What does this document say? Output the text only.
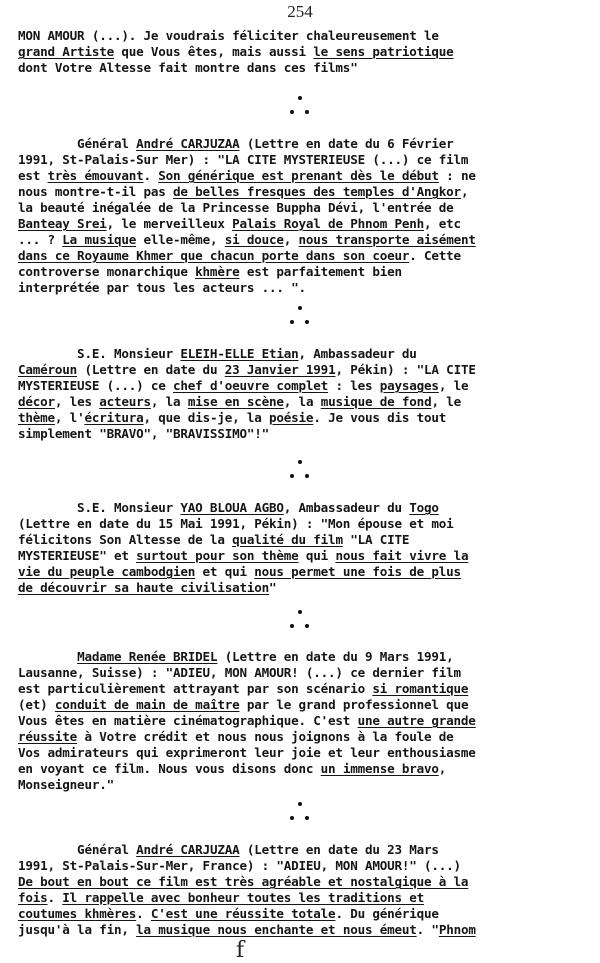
254
MON AMOUR (...). Je voudrais féliciter chaleureusement le
grand Artiste que Vous êtes, mais aussi le sens patriotique
dont Votre Altesse fait montre dans ces films"
Général André CARJUZAA (Lettre en date du 6 Février
1991, St-Palais-Sur Mer) : "LA CITE MYSTERIEUSE (...) ce film
est très émouvant. Son générique est prenant dès le début : ne
nous montre-t-il pas de belles fresques des temples d'Angkor,
la beauté inégalée de la Princesse Buppha Dévi, l'entrée de
Banteay Srei, le merveilleux Palais Royal de Phnom Penh, etc
... ? La musique elle-même, si douce, nous transporte aisément
dans ce Royaume Khmer que chacun porte dans son coeur. Cette
controverse monarchique khmère est parfaitement bien
interprétée par tous les acteurs ... ".
S.E. Monsieur ELEIH-ELLE Etian, Ambassadeur du
Caméroun (Lettre en date du 23 Janvier 1991, Pékin) : "LA CITE
MYSTERIEUSE (...) ce chef d'oeuvre complet : les paysages, le
décor, les acteurs, la mise en scène, la musique de fond, le
thème, l'écritura, que dis-je, la poésie. Je vous dis tout
simplement "BRAVO", "BRAVISSIMO"!"
S.E. Monsieur YAO BLOUA AGBO, Ambassadeur du Togo
(Lettre en date du 15 Mai 1991, Pékin) : "Mon épouse et moi
félicitons Son Altesse de la qualité du film "LA CITE
MYSTERIEUSE" et surtout pour son thème qui nous fait vivre la
vie du peuple cambodgien et qui nous permet une fois de plus
de découvrir sa haute civilisation"
Madame Renée BRIDEL (Lettre en date du 9 Mars 1991,
Lausanne, Suisse) : "ADIEU, MON AMOUR! (...) ce dernier film
est particulièrement attrayant par son scénario si romantique
(et) conduit de main de maître par le grand professionnel que
Vous êtes en matière cinématographique. C'est une autre grande
réussite à Votre crédit et nous nous joignons à la foule de
Vos admirateurs qui exprimeront leur joie et leur enthousiasme
en voyant ce film. Nous vous disons donc un immense bravo,
Monseigneur."
Général André CARJUZAA (Lettre en date du 23 Mars
1991, St-Palais-Sur-Mer, France) : "ADIEU, MON AMOUR!" (...)
De bout en bout ce film est très agréable et nostalgique à la
fois. Il rappelle avec bonheur toutes les traditions et
coutumes khmères. C'est une réussite totale. Du générique
jusqu'à la fin, la musique nous enchante et nous émeut. "Phnom
f
